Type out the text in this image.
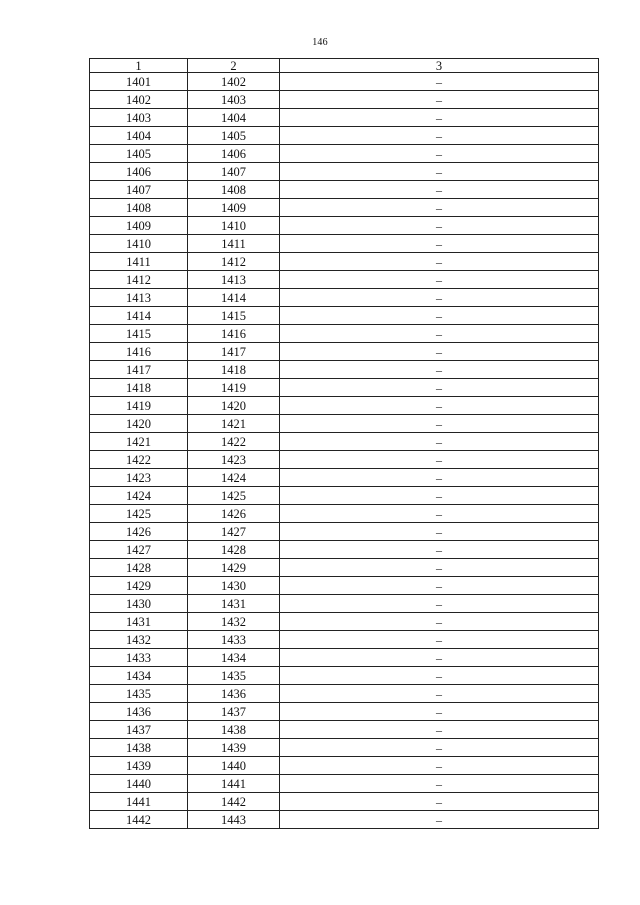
146
1	2	3
1401	1402	–
1402	1403	–
1403	1404	–
1404	1405	–
1405	1406	–
1406	1407	–
1407	1408	–
1408	1409	–
1409	1410	–
1410	1411	–
1411	1412	–
1412	1413	–
1413	1414	–
1414	1415	–
1415	1416	–
1416	1417	–
1417	1418	–
1418	1419	–
1419	1420	–
1420	1421	–
1421	1422	–
1422	1423	–
1423	1424	–
1424	1425	–
1425	1426	–
1426	1427	–
1427	1428	–
1428	1429	–
1429	1430	–
1430	1431	–
1431	1432	–
1432	1433	–
1433	1434	–
1434	1435	–
1435	1436	–
1436	1437	–
1437	1438	–
1438	1439	–
1439	1440	–
1440	1441	–
1441	1442	–
1442	1443	–
